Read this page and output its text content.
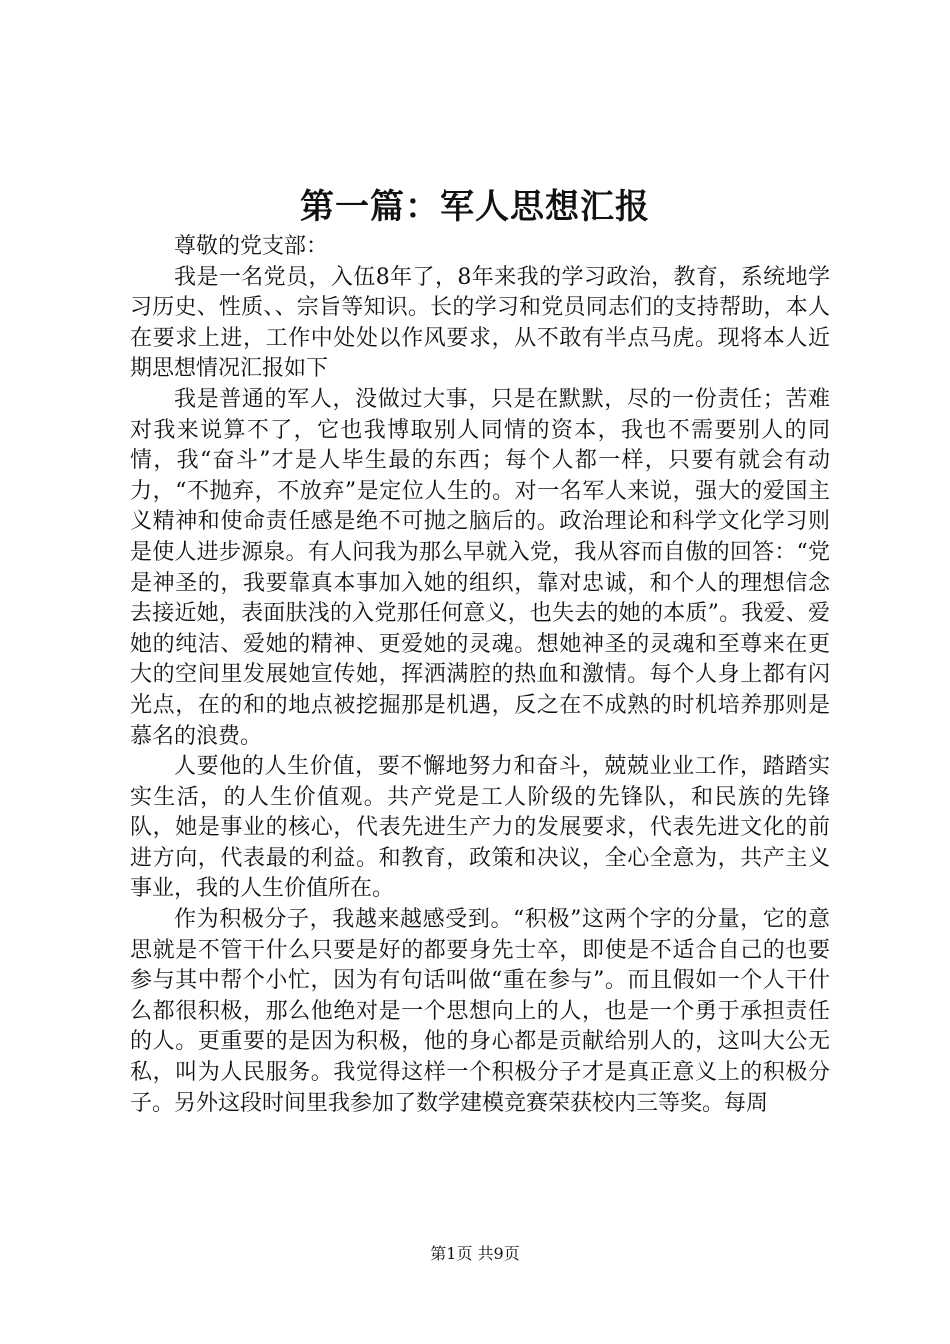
第一篇：军人思想汇报

尊敬的党支部：

我是一名党员，入伍8年了，8年来我的学习政治，教育，系统地学习历史、性质、、宗旨等知识。长的学习和党员同志们的支持帮助，本人在要求上进，工作中处处以作风要求，从不敢有半点马虎。现将本人近期思想情况汇报如下

我是普通的军人，没做过大事，只是在默默，尽的一份责任；苦难对我来说算不了，它也我博取别人同情的资本，我也不需要别人的同情，我“奋斗”才是人毕生最的东西；每个人都一样，只要有就会有动力，“不抛弃，不放弃”是定位人生的。对一名军人来说，强大的爱国主义精神和使命责任感是绝不可抛之脑后的。政治理论和科学文化学习则是使人进步源泉。有人问我为那么早就入党，我从容而自傲的回答：“党是神圣的，我要靠真本事加入她的组织，靠对忠诚，和个人的理想信念去接近她，表面肤浅的入党那任何意义，也失去的她的本质”。我爱、爱她的纯洁、爱她的精神、更爱她的灵魂。想她神圣的灵魂和至尊来在更大的空间里发展她宣传她，挥洒满腔的热血和激情。每个人身上都有闪光点，在的和的地点被挖掘那是机遇，反之在不成熟的时机培养那则是慕名的浪费。

人要他的人生价值，要不懈地努力和奋斗，兢兢业业工作，踏踏实实生活，的人生价值观。共产党是工人阶级的先锋队，和民族的先锋队，她是事业的核心，代表先进生产力的发展要求，代表先进文化的前进方向，代表最的利益。和教育，政策和决议，全心全意为，共产主义事业，我的人生价值所在。

作为积极分子，我越来越感受到。“积极”这两个字的分量，它的意思就是不管干什么只要是好的都要身先士卒，即使是不适合自己的也要参与其中帮个小忙，因为有句话叫做“重在参与”。而且假如一个人干什么都很积极，那么他绝对是一个思想向上的人，也是一个勇于承担责任的人。更重要的是因为积极，他的身心都是贡献给别人的，这叫大公无私，叫为人民服务。我觉得这样一个积极分子才是真正意义上的积极分子。另外这段时间里我参加了数学建模竞赛荣获校内三等奖。每周

第1页 共9页
